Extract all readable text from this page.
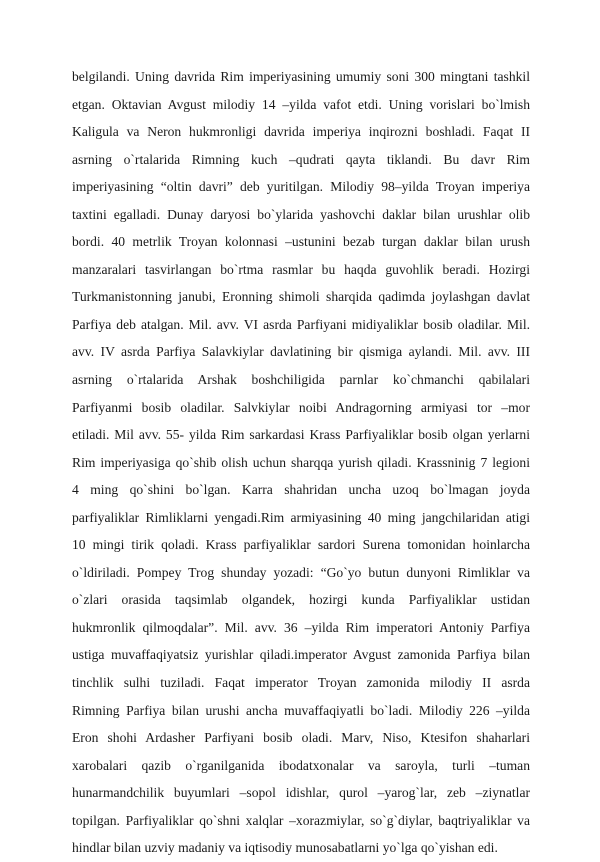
belgilandi. Uning davrida Rim imperiyasining umumiy soni 300 mingtani tashkil
etgan. Oktavian Avgust milodiy 14 –yilda vafot etdi. Uning vorislari bo`lmish
Kaligula va Neron hukmronligi davrida imperiya inqirozni boshladi. Faqat II
asrning o`rtalarida Rimning kuch –qudrati qayta tiklandi. Bu davr Rim
imperiyasining “oltin davri” deb yuritilgan. Milodiy 98–yilda Troyan imperiya
taxtini egalladi. Dunay daryosi bo`ylarida yashovchi daklar bilan urushlar olib
bordi. 40 metrlik Troyan kolonnasi –ustunini bezab turgan daklar bilan urush
manzaralari tasvirlangan bo`rtma rasmlar bu haqda guvohlik beradi. Hozirgi
Turkmanistonning janubi, Eronning shimoli sharqida qadimda joylashgan davlat
Parfiya deb atalgan. Mil. avv. VI asrda Parfiyani midiyaliklar bosib oladilar. Mil.
avv. IV asrda Parfiya Salavkiylar davlatining bir qismiga aylandi. Mil. avv. III
asrning o`rtalarida Arshak boshchiligida parnlar ko`chmanchi qabilalari
Parfiyanmi bosib oladilar. Salvkiylar noibi Andragorning armiyasi tor –mor
etiladi. Mil avv. 55- yilda Rim sarkardasi Krass Parfiyaliklar bosib olgan yerlarni
Rim imperiyasiga qo`shib olish uchun sharqqa yurish qiladi. Krassninig 7 legioni
4 ming qo`shini bo`lgan. Karra shahridan uncha uzoq bo`lmagan joyda
parfiyaliklar Rimliklarni yengadi.Rim armiyasining 40 ming jangchilaridan atigi
10 mingi tirik qoladi. Krass parfiyaliklar sardori Surena tomonidan hoinlarcha
o`ldiriladi. Pompey Trog shunday yozadi: “Go`yo butun dunyoni Rimliklar va
o`zlari orasida taqsimlab olgandek, hozirgi kunda Parfiyaliklar ustidan
hukmronlik qilmoqdalar”. Mil. avv. 36 –yilda Rim imperatori Antoniy Parfiya
ustiga muvaffaqiyatsiz yurishlar qiladi.imperator Avgust zamonida Parfiya bilan
tinchlik sulhi tuziladi. Faqat imperator Troyan zamonida milodiy II asrda
Rimning Parfiya bilan urushi ancha muvaffaqiyatli bo`ladi. Milodiy 226 –yilda
Eron shohi Ardasher Parfiyani bosib oladi. Marv, Niso, Ktesifon shaharlari
xarobalari qazib o`rganilganida ibodatxonalar va saroyla, turli –tuman
hunarmandchilik buyumlari –sopol idishlar, qurol –yarog`lar, zeb –ziynatlar
topilgan. Parfiyaliklar qo`shni xalqlar –xorazmiylar, so`g`diylar, baqtriyaliklar va
hindlar bilan uzviy madaniy va iqtisodiy munosabatlarni yo`lga qo`yishan edi.
